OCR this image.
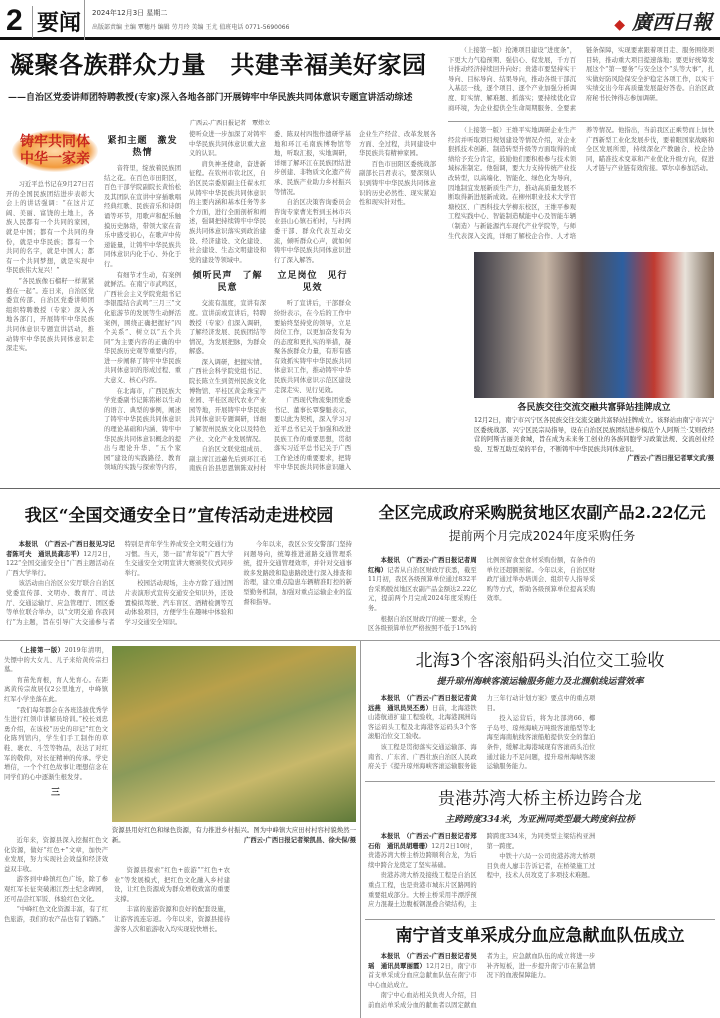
2 要闻 2024年12月3日 星期二
出版部责编 主编 覃穗丹 编辑 劳月玲 美编 王尤 值班电话 0771-5690066	◆ 廣西日報
凝聚各族群众力量　共建幸福美好家园
——自治区党委讲师团特聘教授(专家)深入各地各部门开展铸牢中华民族共同体意识专题宣讲活动综述
广西云-广西日报记者　覃炜立
铸牢共同体
中华一家亲

习近平总书记在9月27日召开的全国民族团结进步表彰大会上的讲话强调：“在这片辽阔、美丽、富饶的土地上，各族人民都有一个共同的家园，就是中国；都有一个共同的身份，就是中华民族；都有一个共同的名字，就是中国人；都有一个共同梦想，就是实现中华民族伟大复兴！”

“各民族像石榴籽一样紧紧抱在一起”。连日来，自治区党委宣传部、自治区党委讲师团组织特聘教授（专家）深入各地各部门，开展铸牢中华民族共同体意识专题宣讲活动，推动铸牢中华民族共同体意识走深走实。

紧扣主题　激发热情

音符里，绽放着民族团结之花。在百色市田阳区，百色干部学院副院长黄怡松及其团队在宣讲中穿插歌唱经典红歌、民族音乐和诗朗诵等环节，用歌声和配乐触摸历史脉络，带领大家在音乐中感受初心，在歌声中传递能量，让铸牢中华民族共同体意识内化于心、外化于行。

有细节才生动，有案例就鲜活。在南宁市武鸣区，广西社会主义学院党组书记李银霞结合武鸣“三月三”文化旅游节的发展等生动鲜活案例，围绕正确把握好“四个关系”、树立以“五个共同”为主要内容的正确的中华民族历史观等重要内容，进一步阐释了铸牢中华民族共同体意识的形成过程、重大意义、核心内容。

在北海市，广西民族大学党委副书记陈铭彬以生动的语言、典型的事例，阐述了铸牢中华民族共同体意识的理论基础和内涵、铸牢中华民族共同体意识概念的提出与理论升华、“五个家园”建设的实践路径、教育领域的实践与探索等内容，使听众进一步加深了对铸牢中华民族共同体意识重大意义的认识。

肩负神圣使命，奋进新征程。在钦州市钦北区，自治区民宗委原副主任翟永红从铸牢中华民族共同体意识的主要内涵和基本任务等多个方面，进行全面剖析和阐述，强调把持续铸牢中华民族共同体意识落实到政治建设、经济建设、文化建设、社会建设、生态文明建设和党的建设等领域中。

倾听民声　了解民意

交流有温度，宣讲有深度。宣讲前或宣讲后，特聘教授（专家）们深入调研，了解经济发展、民族团结等情况，为发展把脉，为群众解惑。

深入调研，把握实情。广西社会科学院党组书记、院长陈立生到贺州民族文化博物馆、平桂区黄金珠宝产业园、平桂区现代农业产业园等地，开展铸牢中华民族共同体意识专题调研，详细了解贺州民族文化以及特色产业、文化产业发展情况。

自治区文联党组成员、副主席江远蕙先后到环江毛南族自治县思恩镇陈双村村委、陈双村四饱作遗研学基地和环江毛南族博物馆等地，听取汇报，实地调研，详细了解环江在民族团结进步创建、非物质文化遗产传承、民族产业助力乡村振兴等情况。

自治区决策咨询委员会咨询专家曹光哲到玉林市兴业县山心镇石柏村，与村两委干部、群众代表互动交流，倾听群众心声，就如何铸牢中华民族共同体意识进行了深入解答。

立足岗位　见行见效

听了宣讲后，干部群众纷纷表示，在今后的工作中要始终坚持党的领导，立足岗位工作，以更加奋发有为的态度和更扎实的举措，凝聚各族群众力量，有形有感有效抓实铸牢中华民族共同体意识工作，推动铸牢中华民族共同体意识示范区建设走深走实、见行见效。

广西现代物流集团党委书记、董事长覃黎魁表示，要以此为契机，深入学习习近平总书记关于加强和改进民族工作的重要思想，贯彻落实习近平总书记关于广西工作论述的重要要求，把铸牢中华民族共同体意识融入企业生产经营、改革发展各方面、全过程，共同建设中华民族共有精神家园。

百色市田阳区委统战部副部长吕君表示，要深刻认识到铸牢中华民族共同体意识的历史必然性、现实紧迫性和现实针对性。

（上接第一版）抢滩项目建设“进度条”，下更大力气稳预期、强信心、促发展，千方百计推动经济持续回升向好；贵港市要坚持实干导向、目标导向、结果导向，推动各级干部沉入基层一线，逐个项目、逐个产业加强分析调度、盯实情、解难题、抓落实；要持续优化营商环境，为企业提供全生命周期服务、全要素链条保障，实现要素跟着项目走、服务围绕项目转，推动重大项目提速落地；要更好统筹发展这个“第一要务”与安全这个“头等大事”，扎实做好防风险保安全护稳定各项工作，以实干实绩交出今年高质量发展最好答卷。自治区政府秘书长钟得志参加调研。

（上接第一版）王维平实地调研企业生产经营并听取项目规划建设等情况介绍，对企业狠抓技术创新、制造转型升级等方面取得的成绩给予充分肯定，鼓励他们要积极参与技术领域标准制定。他强调，要大力支持传统产业技改转型，以高端化、智能化、绿色化为导向，因地制宜发展新质生产力，推动高质量发展不断取得新进展新成效。在柳州职业技术大学官塘校区、广西科技大学柳东校区，王维平参观工程实践中心、智能制造赋能中心及智能车辆（制造）与新能源汽车现代产业学院等，与师生代表深入交流，详细了解校企合作、人才培养等情况。他指出，当前我区正乘势而上加快广西新型工业化发展步伐，要着眼国家战略和全区发展所需，持续深化产教融合、校企协同，瞄准技术变革和产业优化升级方向，促进人才链与产业链有效衔接。覃尔卓参加活动。

各民族交往交流交融共富驿站挂牌成立
12月2日，南宁市兴宁区各民族交往交流交融共富驿站挂牌成立。该驿站由南宁市兴宁区委统战部、兴宁区民宗局指导，设在自治区民族团结进步模范个人阿斯兰·艾则孜经营的阿斯古丽美食城，旨在成为未来务工创业的各族同胞学习政策法规、交流创业经验、互帮互助互荣的平台，不断铸牢中华民族共同体意识。
广西云-广西日报记者覃文武/摄
我区“全国交通安全日”宣传活动走进校园

本报讯　（广西云-广西日报见习记者陈可夫　通讯员龚志平）12月2日，122“全国交通安全日”广西主题活动在广西大学举行。

该活动由自治区公安厅联合自治区党委宣传部、文明办、教育厅、司法厅、交通运输厅、应急管理厅、团区委等单位联合举办，以“文明交通 你我同行”为主题，旨在引导广大交通参与者特别是青年学生养成安全文明交通行为习惯。当天，第一届“青年说”广西大学生交通安全文明宣讲大赛颁奖仪式同步举行。

校园活动现场，主办方除了通过图片表演形式宣传交通安全知识外，还设置模拟驾驶、汽车盲区、酒精检测等互动体验项目，方便学生在趣味中体验和学习交通安全知识。

今年以来，我区公安交警部门坚持问题导向，统筹推进道路交通管理系统，提升交通管理效率，并针对交通事故多发路段和隐患路段进行深入排查和治理，建立重点隐患车辆精准盯控的新型勤务机制，加强对重点运输企业的监督和指导。

全区完成政府采购脱贫地区农副产品2.22亿元
提前两个月完成2024年度采购任务

本报讯　（广西云-广西日报记者周红梅）记者从自治区财政厅获悉，截至11月初，我区各级预算单位通过832平台采购脱贫地区农副产品金额达2.22亿元，提前两个月完成2024年度采购任务。

根据自治区财政厅的统一要求，全区各级预算单位严格按照不低于15%的比例预留食堂食材采购份额，有条件的单位还超额预留。今年以来，自治区财政厅通过举办培训会、组织专人指导采购等方式，帮助各级预算单位提高采购效率。

（上接第一版）2019年清明，失镖中的大女儿、儿子来给黄传宗扫墓。

育苗先育根，育人先育心。在距离黄传宗故居仅2公里地方，中峰镇红军小学坐落在此。

“我们每年都会在各班选拔优秀学生进行红领巾讲解员培训。”校长刘忠勇介绍，在该校“历史的印记”红色文化陈列馆内，学生们手工制作的草鞋、裹衣、斗笠等物品，表达了对红军的敬仰，对长征精神的传承。学史增信，一个个红色故事让理想信念在同学们的心中逐渐生根发芽。

三
资源县用好红色和绿色资源，有力推进乡村振兴。图为中峰镇大应田村村容村貌焕然一新。	广西云-广西日报记者梁凯昌、徐夫保/摄

近年来，资源县深入挖掘红色文化资源，做好“红色+”文章，加快产业发展，努力实现社会效益和经济效益双丰收。

游客到中峰镇红色广场，除了参观红军长征突破湘江烈士纪念碑园，还可品尝红军饭、体验红色文化。

“中峰红色文化资源丰富，有了红色旅游，我们的农产品也有了销路。”

资源县探索“红色+旅游”“红色+农业”等发展模式，把红色文化融入乡村建设，让红色资源成为群众增收致富的重要支撑。

丰富的旅游资源和良好的配套设施，让游客流连忘返。今年以来，资源县接待游客人次和旅游收入均实现较快增长。

北海3个客滚船码头泊位交工验收
提升琼州海峡客滚运输服务能力及北涠航线运营效率

本报讯　（广西云-广西日报记者黄远燕　通讯员吴丕勇）日前，北海港铁山港航道扩建工程验收，北海港涠洲岛客运码头工程及北海港客运码头3个客滚船泊位交工验收。

该工程是贯彻落实交通运输部、海南省、广东省、广西壮族自治区人民政府关于《提升琼州海峡客滚运输服务能力三年行动计划方案》要点中的重点项目。

投入运营后，将为北部湾66、椰子岛号、琼州海峡万吨级客滚船型等北海至海南航线客滚船舶提供安全的靠泊条件，缓解北海港域现有客滚码头泊位通过能力不足问题，提升琼州海峡客滚运输服务能力。

贵港苏湾大桥主桥边跨合龙
主跨跨度334米，为亚洲同类型最大跨度斜拉桥

本报讯　（广西云-广西日报记者郑石佑　通讯员胡珊珊）12月2日10时，贵港苏湾大桥主桥边跨顺利合龙，为后续中跨合龙奠定了坚实基础。

贵港苏湾大桥及接线工程是自治区重点工程，也是贵港市城东片区路网的重要组成部分。大桥主桥采用半漂浮预应力混凝土边腹板钢混叠合梁结构，主跨跨度334米，为同类型主梁结构亚洲第一跨度。

中铁十六局一公司贵港苏湾大桥项目负责人廖丰告诉记者，在桥梁施工过程中，技术人员攻克了多项技术难题。

南宁首支单采成分血应急献血队伍成立

本报讯　（广西云-广西日报记者吴瑶　通讯员覃丽霞）12月2日，南宁市首支单采成分血应急献血队伍在南宁市中心血站成立。

南宁中心血站相关负责人介绍，目前血站单采成分血的献血者以固定献血者为主，应急献血队伍的成立将进一步补齐短板，进一步提升南宁市在紧急情况下的血液保障能力。
